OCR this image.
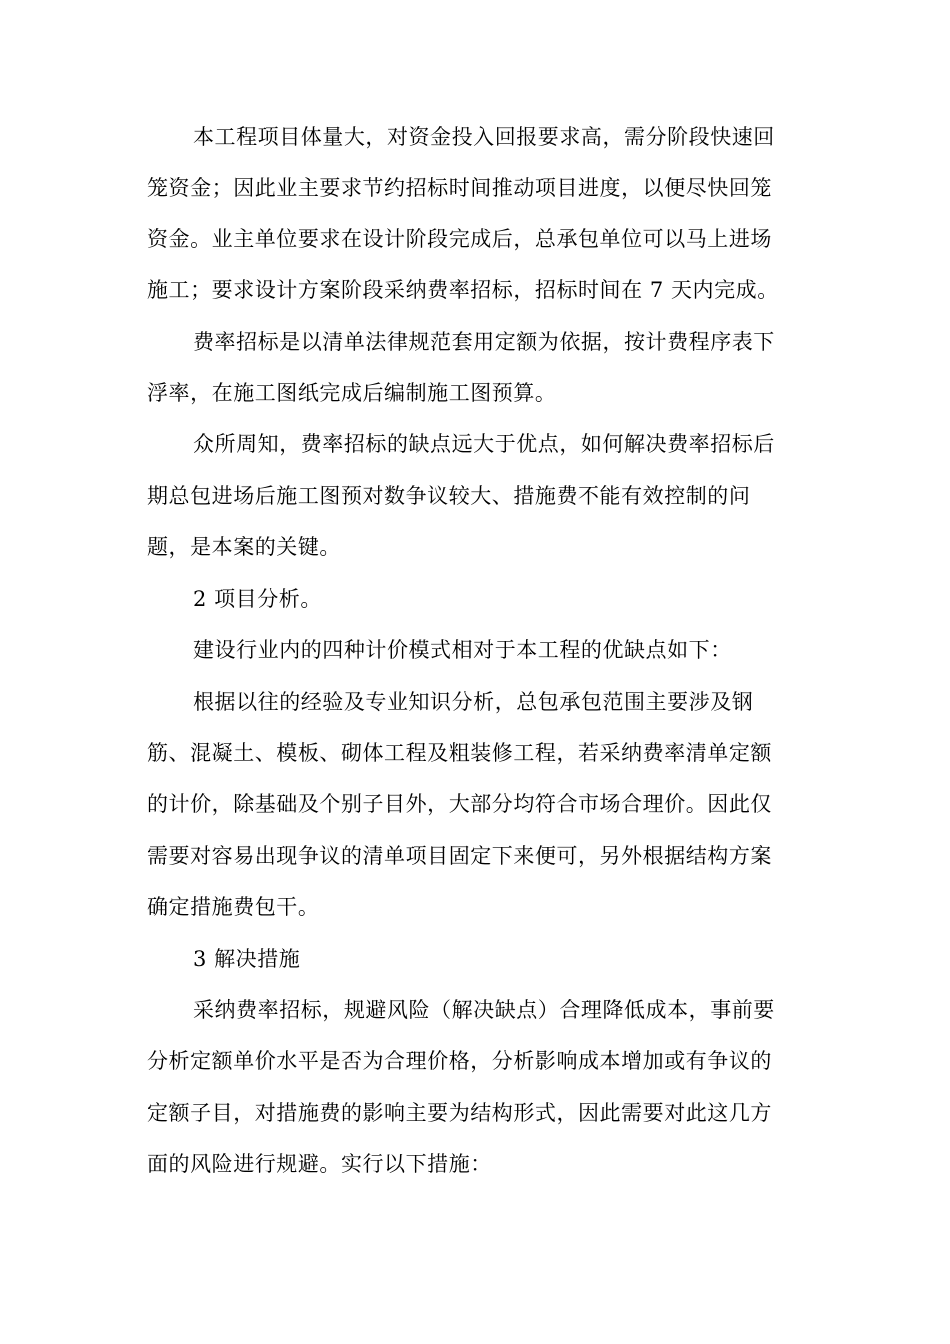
本工程项目体量大，对资金投入回报要求高，需分阶段快速回
笼资金；因此业主要求节约招标时间推动项目进度，以便尽快回笼
资金。业主单位要求在设计阶段完成后，总承包单位可以马上进场
施工；要求设计方案阶段采纳费率招标，招标时间在 7 天内完成。
费率招标是以清单法律规范套用定额为依据，按计费程序表下
浮率，在施工图纸完成后编制施工图预算。
众所周知，费率招标的缺点远大于优点，如何解决费率招标后
期总包进场后施工图预对数争议较大、措施费不能有效控制的问
题，是本案的关键。
2 项目分析。
建设行业内的四种计价模式相对于本工程的优缺点如下：
根据以往的经验及专业知识分析，总包承包范围主要涉及钢
筋、混凝土、模板、砌体工程及粗装修工程，若采纳费率清单定额
的计价，除基础及个别子目外，大部分均符合市场合理价。因此仅
需要对容易出现争议的清单项目固定下来便可，另外根据结构方案
确定措施费包干。
3 解决措施
采纳费率招标，规避风险（解决缺点）合理降低成本，事前要
分析定额单价水平是否为合理价格，分析影响成本增加或有争议的
定额子目，对措施费的影响主要为结构形式，因此需要对此这几方
面的风险进行规避。实行以下措施：
